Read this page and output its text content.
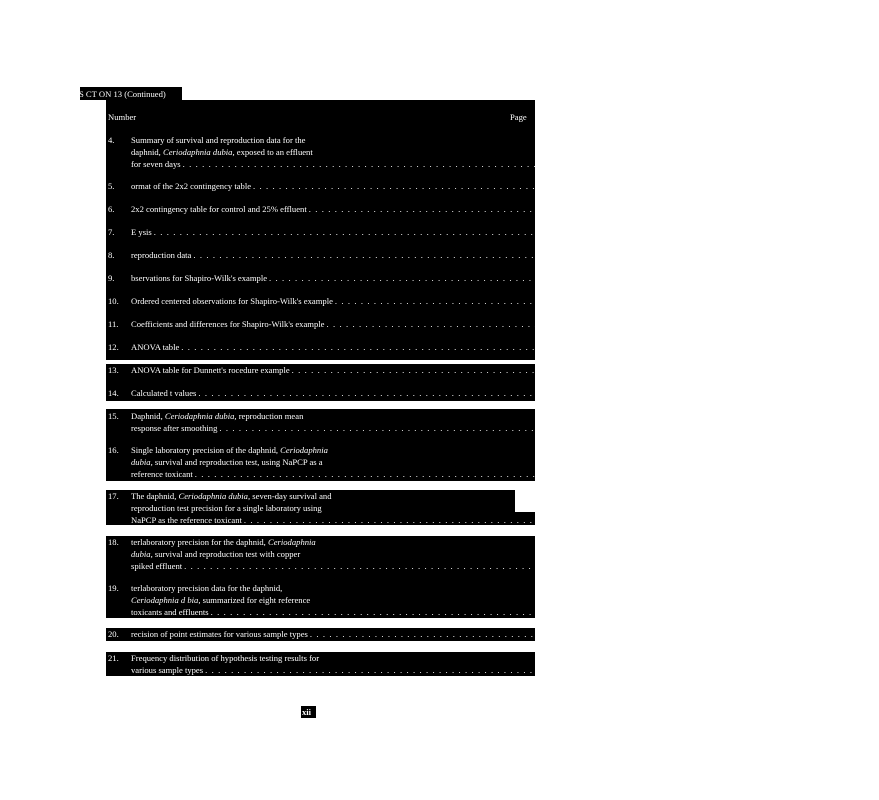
S CT ON 13 (Continued)
Number	Page
4. Summary of survival and reproduction data for the
daphnid, Ceriodaphnia dubia, exposed to an effluent
for seven days . . . . . . . . . . . . . . . . . . . . . . . . . . . . . . . . . . . . . . . . . . . . . . . . . . . . . . . . . . . . . . . . . . . . . . . . . . . . . . . . . . 166
5. ormat of the 2x2 contingency table . . . . . . . . . . . . . . . . . . . . . . . . . . . . . . . . . . . . . . . . . . . . . . . . . . . . . . . . . . . . . . . . . . . . . . . . . . . . . . . . . . 169
6. 2x2 contingency table for control and 25% effluent . . . . . . . . . . . . . . . . . . . . . . . . . . . . . . . . . . . . . . . . . . . . . . . . . . . . . . . . . . . . . . . . . . . . . . . . . . . . . . . . . . 170
7. E ysis . . . . . . . . . . . . . . . . . . . . . . . . . . . . . . . . . . . . . . . . . . . . . . . . . . . . . . . . . . . . . . . . . . . . . . . . . . . . . . . . . . 170
8. reproduction data . . . . . . . . . . . . . . . . . . . . . . . . . . . . . . . . . . . . . . . . . . . . . . . . . . . . . . . . . . . . . . . . . . . . . . . . . . . . . . . . . . 171
9. bservations for Shapiro-Wilk's example . . . . . . . . . . . . . . . . . . . . . . . . . . . . . . . . . . . . . . . . . . . . . . . . . . . . . . . . . . . . . . . . . . . . . . . . . . . . . . . . . . 175
10. Ordered centered observations for Shapiro-Wilk's example . . . . . . . . . . . . . . . . . . . . . . . . . . . . . . . . . . . . . . . . . . . . . . . . . . . . . . . . . . . . . . . . . . . . . . . . . . . . . . . . . . 177
11. Coefficients and differences for Shapiro-Wilk's example . . . . . . . . . . . . . . . . . . . . . . . . . . . . . . . . . . . . . . . . . . . . . . . . . . . . . . . . . . . . . . . . . . . . . . . . . . . . . . . . . . 178
12. ANOVA table . . . . . . . . . . . . . . . . . . . . . . . . . . . . . . . . . . . . . . . . . . . . . . . . . . . . . . . . . . . . . . . . . . . . . . . . . . . . . . . . . . 180
13. ANOVA table for Dunnett's rocedure example . . . . . . . . . . . . . . . . . . . . . . . . . . . . . . . . . . . . . . . . . . . . . . . . . . . . . . . . . . . . . . . . . . . . . . . . . . . . . . . . . . 181
14. Calculated t values . . . . . . . . . . . . . . . . . . . . . . . . . . . . . . . . . . . . . . . . . . . . . . . . . . . . . . . . . . . . . . . . . . . . . . . . . . . . . . . . . . 182
15. Daphnid, Ceriodaphnia dubia, reproduction mean
response after smoothing . . . . . . . . . . . . . . . . . . . . . . . . . . . . . . . . . . . . . . . . . . . . . . . . . . . . . . . . . . . . . . . . . . . . . . . . . . . . . . . . . . 184
16. Single laboratory precision of the daphnid, Ceriodaphnia
dubia, survival and reproduction test, using NaPCP as a
reference toxicant . . . . . . . . . . . . . . . . . . . . . . . . . . . . . . . . . . . . . . . . . . . . . . . . . . . . . . . . . . . . . . . . . . . . . . . . . . . . . . . . . . 190
17. The daphnid, Ceriodaphnia dubia, seven-day survival and
reproduction test precision for a single laboratory using
NaPCP as the reference toxicant . . . . . . . . . . . . . . . . . . . . . . . . . . . . . . . . . . . . . . . . . . . . . . . . . . . . . . . . . . . . . . . . . . . . . . . . . . . . . . . . . . 191
18. terlaboratory precision for the daphnid, Ceriodaphnia
dubia, survival and reproduction test with copper
spiked effluent . . . . . . . . . . . . . . . . . . . . . . . . . . . . . . . . . . . . . . . . . . . . . . . . . . . . . . . . . . . . . . . . . . . . . . . . . . . . . . . . . . 193
19. terlaboratory precision data for the daphnid,
Ceriodaphnia d bia, summarized for eight reference
toxicants and effluents . . . . . . . . . . . . . . . . . . . . . . . . . . . . . . . . . . . . . . . . . . . . . . . . . . . . . . . . . . . . . . . . . . . . . . . . . . . . . . . . . . 194
20. recision of point estimates for various sample types . . . . . . . . . . . . . . . . . . . . . . . . . . . . . . . . . . . . . . . . . . . . . . . . . . . . . . . . . . . . . . . . . . . . . . . . . . . . . . . . . . 195
21. Frequency distribution of hypothesis testing results for
various sample types . . . . . . . . . . . . . . . . . . . . . . . . . . . . . . . . . . . . . . . . . . . . . . . . . . . . . . . . . . . . . . . . . . . . . . . . . . . . . . . . . . 196
xii
